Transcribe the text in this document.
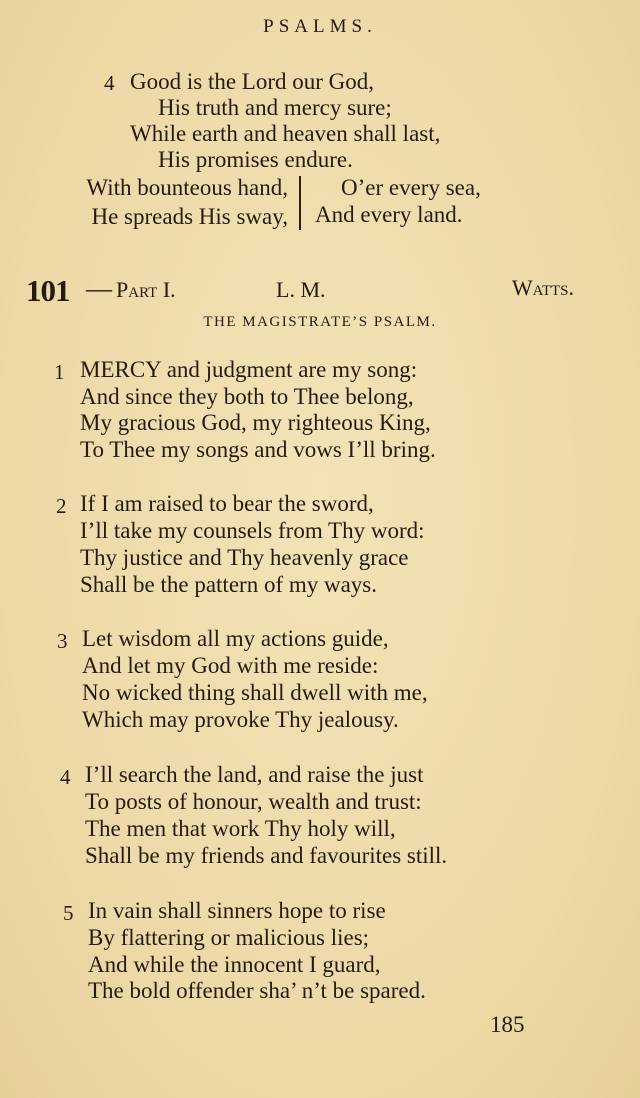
PSALMS.
4 Good is the Lord our God,
His truth and mercy sure;
While earth and heaven shall last,
His promises endure.
With bounteous hand,
He spreads His sway,
O’er every sea,
And every land.
101 — Part I.	L. M.	Watts.
THE MAGISTRATE’S PSALM.
1 MERCY and judgment are my song:
And since they both to Thee belong,
My gracious God, my righteous King,
To Thee my songs and vows I’ll bring.
2 If I am raised to bear the sword,
I’ll take my counsels from Thy word:
Thy justice and Thy heavenly grace
Shall be the pattern of my ways.
3 Let wisdom all my actions guide,
And let my God with me reside:
No wicked thing shall dwell with me,
Which may provoke Thy jealousy.
4 I’ll search the land, and raise the just
To posts of honour, wealth and trust:
The men that work Thy holy will,
Shall be my friends and favourites still.
5 In vain shall sinners hope to rise
By flattering or malicious lies;
And while the innocent I guard,
The bold offender sha’ n’t be spared.
185
